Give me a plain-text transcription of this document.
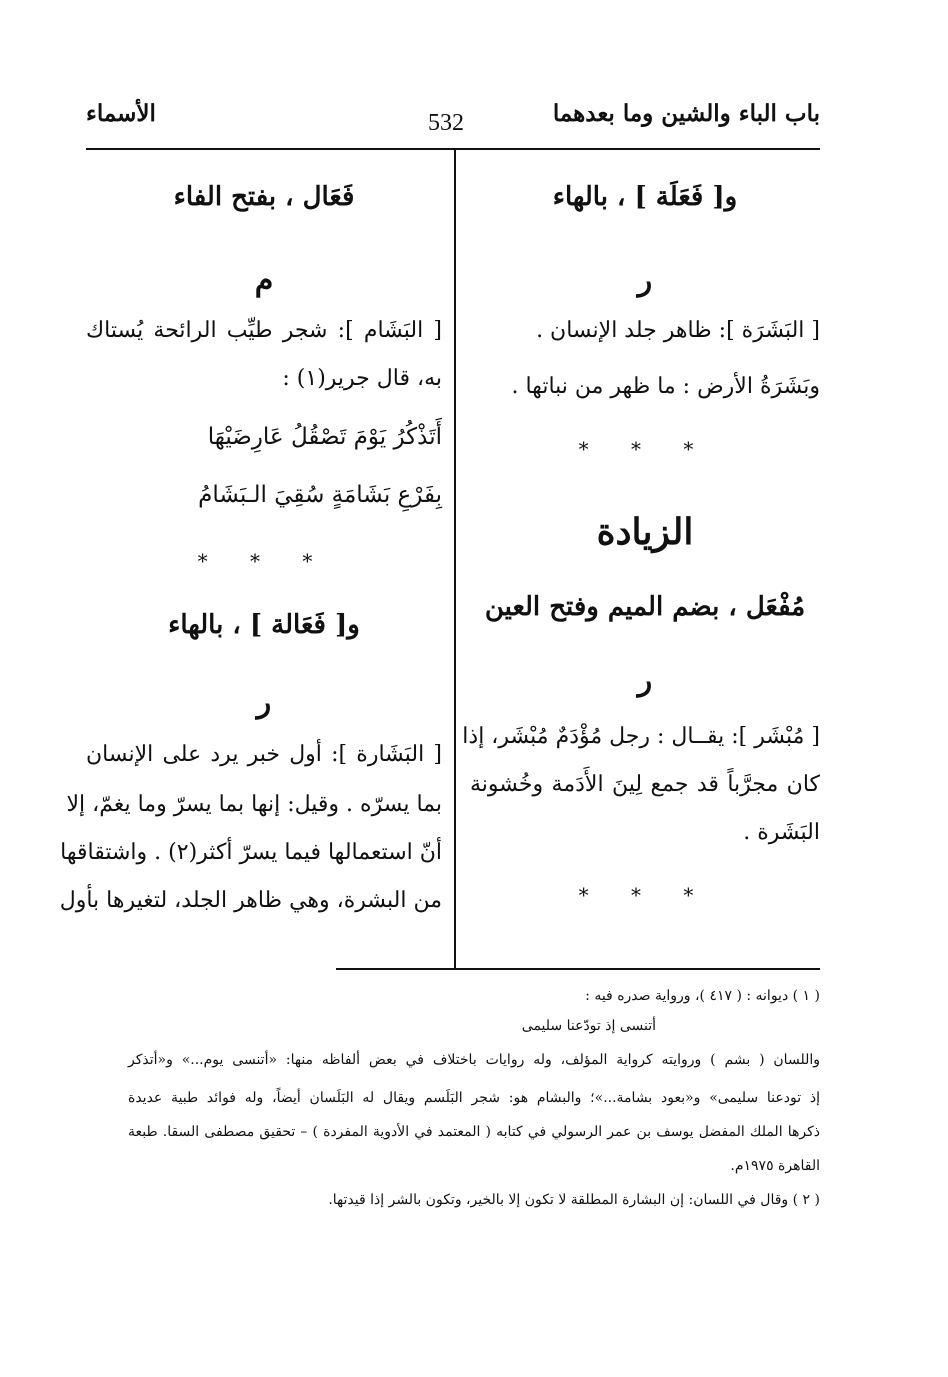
باب الباء والشين وما بعدهما
532
الأسماء
و[ فَعَلَة ] ، بالهاء
ر
[ البَشَرَة ]: ظاهر جلد الإنسان .
وبَشَرَةُ الأرض : ما ظهر من نباتها .
* * *
الزيادة
مُفْعَل ، بضم الميم وفتح العين
ر
[ مُبْشَر ]: يقــال : رجل مُؤْدَمٌ مُبْشَر، إذا
كان مجرَّباً قد جمع لِينَ الأَدَمة وخُشونة
البَشَرة .
* * *
فَعَال ، بفتح الفاء
م
[ البَشَام ]: شجر طيِّب الرائحة يُستاك
به، قال جرير(١) :
أَتَذْكُرُ يَوْمَ تَصْقُلُ عَارِضَيْهَا
بِفَرْعِ بَشَامَةٍ سُقِيَ الـبَشَامُ
* * *
و[ فَعَالة ] ، بالهاء
ر
[ البَشَارة ]: أول خبر يرد على الإنسان
بما يسرّه . وقيل: إنها بما يسرّ وما يغمّ، إلا
أنّ استعمالها فيما يسرّ أكثر(٢) . واشتقاقها
من البشرة، وهي ظاهر الجلد، لتغيرها بأول
( ١ ) ديوانه : ( ٤١٧ )، ورواية صدره فيه :
أتنسى إذ تودّعنا سليمى
واللسان ( بشم ) وروايته كرواية المؤلف، وله روايات باختلاف في بعض ألفاظه منها: «أتنسى يوم...» و«أتذكر
إذ تودعنا سليمى» و«بعود بشامة...»؛ والبشام هو: شجر البَلَسم ويقال له البَلَسان أيضاً، وله فوائد طبية عديدة
ذكرها الملك المفضل يوسف بن عمر الرسولي في كتابه ( المعتمد في الأدوية المفردة ) – تحقيق مصطفى السقا. طبعة
القاهرة ١٩٧٥م.
( ٢ ) وقال في اللسان: إن البشارة المطلقة لا تكون إلا بالخير، وتكون بالشر إذا قيدتها.
